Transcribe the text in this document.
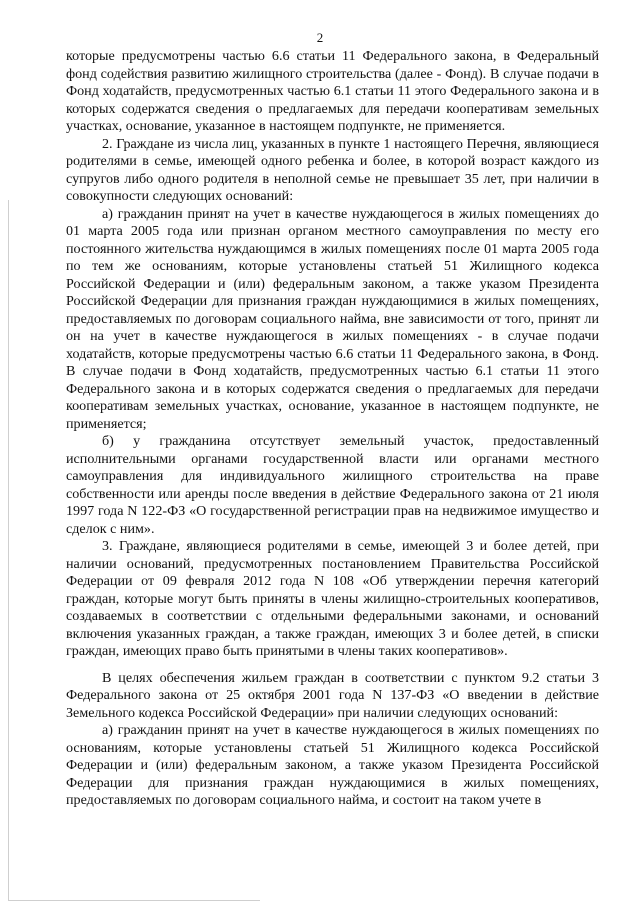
2

которые предусмотрены частью 6.6 статьи 11 Федерального закона, в Федеральный фонд содействия развитию жилищного строительства (далее - Фонд). В случае подачи в Фонд ходатайств, предусмотренных частью 6.1 статьи 11 этого Федерального закона и в которых содержатся сведения о предлагаемых для передачи кооперативам земельных участках, основание, указанное в настоящем подпункте, не применяется.

2. Граждане из числа лиц, указанных в пункте 1 настоящего Перечня, являющиеся родителями в семье, имеющей одного ребенка и более, в которой возраст каждого из супругов либо одного родителя в неполной семье не превышает 35 лет, при наличии в совокупности следующих оснований:

а) гражданин принят на учет в качестве нуждающегося в жилых помещениях до 01 марта 2005 года или признан органом местного самоуправления по месту его постоянного жительства нуждающимся в жилых помещениях после 01 марта 2005 года по тем же основаниям, которые установлены статьей 51 Жилищного кодекса Российской Федерации и (или) федеральным законом, а также указом Президента Российской Федерации для признания граждан нуждающимися в жилых помещениях, предоставляемых по договорам социального найма, вне зависимости от того, принят ли он на учет в качестве нуждающегося в жилых помещениях - в случае подачи ходатайств, которые предусмотрены частью 6.6 статьи 11 Федерального закона, в Фонд. В случае подачи в Фонд ходатайств, предусмотренных частью 6.1 статьи 11 этого Федерального закона и в которых содержатся сведения о предлагаемых для передачи кооперативам земельных участках, основание, указанное в настоящем подпункте, не применяется;

б) у гражданина отсутствует земельный участок, предоставленный исполнительными органами государственной власти или органами местного самоуправления для индивидуального жилищного строительства на праве собственности или аренды после введения в действие Федерального закона от 21 июля 1997 года N 122-ФЗ «О государственной регистрации прав на недвижимое имущество и сделок с ним».

3. Граждане, являющиеся родителями в семье, имеющей 3 и более детей, при наличии оснований, предусмотренных постановлением Правительства Российской Федерации от 09 февраля 2012 года N 108 «Об утверждении перечня категорий граждан, которые могут быть приняты в члены жилищно-строительных кооперативов, создаваемых в соответствии с отдельными федеральными законами, и оснований включения указанных граждан, а также граждан, имеющих 3 и более детей, в списки граждан, имеющих право быть принятыми в члены таких кооперативов».

В целях обеспечения жильем граждан в соответствии с пунктом 9.2 статьи 3 Федерального закона от 25 октября 2001 года N 137-ФЗ «О введении в действие Земельного кодекса Российской Федерации» при наличии следующих оснований:

а) гражданин принят на учет в качестве нуждающегося в жилых помещениях по основаниям, которые установлены статьей 51 Жилищного кодекса Российской Федерации и (или) федеральным законом, а также указом Президента Российской Федерации для признания граждан нуждающимися в жилых помещениях, предоставляемых по договорам социального найма, и состоит на таком учете в
